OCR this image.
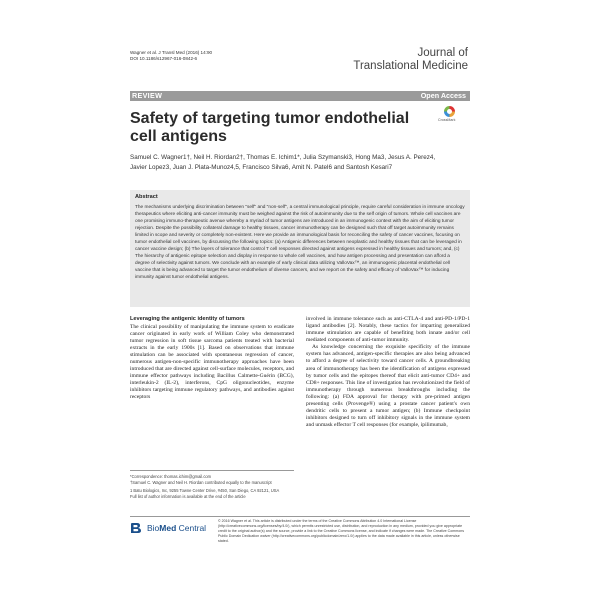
Wagner et al. J Transl Med (2016) 14:90
DOI 10.1186/s12967-016-0842-6	Journal of
Translational Medicine
REVIEW	Open Access
CrossMark
Safety of targeting tumor endothelial cell antigens
Samuel C. Wagner1†, Neil H. Riordan2†, Thomas E. Ichim1*, Julia Szymanski3, Hong Ma3, Jesus A. Perez4, Javier Lopez3, Juan J. Plata-Munoz4,5, Francisco Silva6, Amit N. Patel6 and Santosh Kesari7
Abstract
The mechanisms underlying discrimination between "self" and "non-self", a central immunological principle, require careful consideration in immune oncology therapeutics where eliciting anti-cancer immunity must be weighed against the risk of autoimmunity due to the self origin of tumors. Whole cell vaccines are one promising immuno-therapeutic avenue whereby a myriad of tumor antigens are introduced in an immunogenic context with the aim of eliciting tumor rejection. Despite the possibility collateral damage to healthy tissues, cancer immunotherapy can be designed such that off target autoimmunity remains limited in scope and severity or completely non-existent. Here we provide an immunological basis for reconciling the safety of cancer vaccines, focusing on tumor endothelial cell vaccines, by discussing the following topics: (a) Antigenic differences between neoplastic and healthy tissues that can be leveraged in cancer vaccine design; (b) The layers of tolerance that control T cell responses directed against antigens expressed in healthy tissues and tumors; and, (c) The hierarchy of antigenic epitope selection and display in response to whole cell vaccines, and how antigen processing and presentation can afford a degree of selectivity against tumors. We conclude with an example of early clinical data utilizing ValloVax™, an immunogenic placental endothelial cell vaccine that is being advanced to target the tumor endothelium of diverse cancers, and we report on the safety and efficacy of ValloVax™ for inducing immunity against tumor endothelial antigens.
Leveraging the antigenic identity of tumors

The clinical possibility of manipulating the immune system to eradicate cancer originated in early work of William Coley who demonstrated tumor regression in soft tissue sarcoma patients treated with bacterial extracts in the early 1900s [1]. Based on observations that immune stimulation can be associated with spontaneous regression of cancer, numerous antigen-non-specific immunotherapy approaches have been introduced that are directed against cell-surface molecules, receptors, and immune effector pathways including Bacillus Calmette-Guérin (BCG), interleukin-2 (IL-2), interferons, CpG oligonucleotides, enzyme inhibitors targeting immune regulatory pathways, and antibodies against receptors

involved in immune tolerance such as anti-CTLA-4 and anti-PD-1/PD-1 ligand antibodies [2]. Notably, these tactics for imparting generalized immune stimulation are capable of benefiting both innate and/or cell mediated components of anti-tumor immunity.

As knowledge concerning the exquisite specificity of the immune system has advanced, antigen-specific therapies are also being advanced to afford a degree of selectivity toward cancer cells. A groundbreaking area of immunotherapy has been the identification of antigens expressed by tumor cells and the epitopes thereof that elicit anti-tumor CD4+ and CD8+ responses. This line of investigation has revolutionized the field of immunotherapy through numerous breakthroughs including the following: (a) FDA approval for therapy with pre-primed antigen presenting cells (Provenge®) using a prostate cancer patient's own dendritic cells to present a tumor antigen; (b) Immune checkpoint inhibitors designed to turn off inhibitory signals in the immune system and unmask effector T cell responses (for example, ipilimumab,

*Correspondence: thomas.ichim@gmail.com
†Samuel C. Wagner and Neil H. Riordan contributed equally to the manuscript
1 Batu Biologics, Inc, 9255 Towne Center Drive, #450, San Diego, CA 92121, USA
Full list of author information is available at the end of the article
BioMed Central
© 2016 Wagner et al. This article is distributed under the terms of the Creative Commons Attribution 4.0 International License (http://creativecommons.org/licenses/by/4.0/), which permits unrestricted use, distribution, and reproduction in any medium, provided you give appropriate credit to the original author(s) and the source, provide a link to the Creative Commons license, and indicate if changes were made. The Creative Commons Public Domain Dedication waiver (http://creativecommons.org/publicdomain/zero/1.0/) applies to the data made available in this article, unless otherwise stated.
